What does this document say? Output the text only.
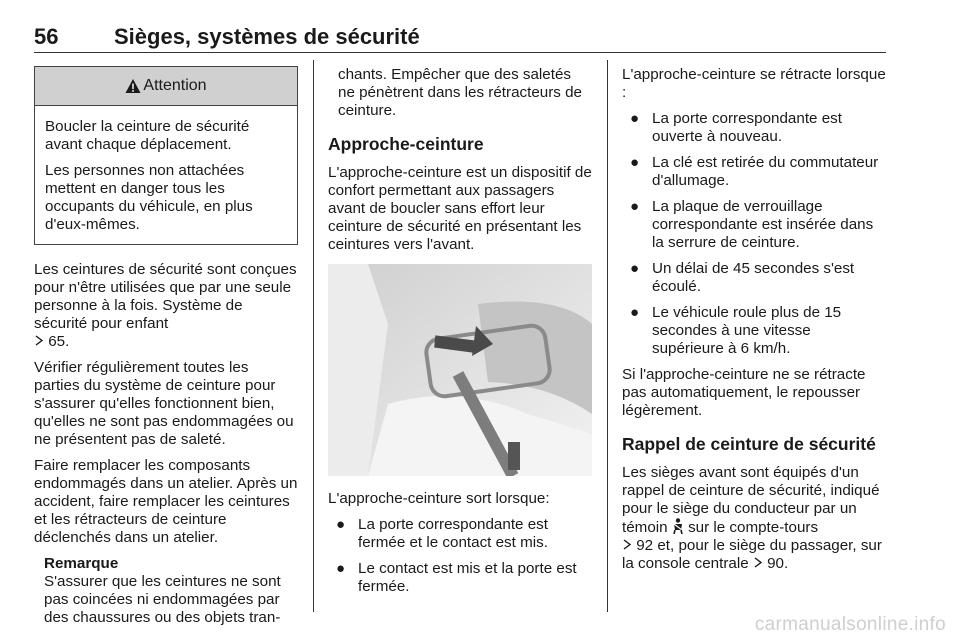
56	Sièges, systèmes de sécurité
Attention

Boucler la ceinture de sécurité avant chaque déplacement.

Les personnes non attachées mettent en danger tous les occupants du véhicule, en plus d'eux-mêmes.

Les ceintures de sécurité sont conçues pour n'être utilisées que par une seule personne à la fois. Système de sécurité pour enfant
65.

Vérifier régulièrement toutes les parties du système de ceinture pour s'assurer qu'elles fonctionnent bien, qu'elles ne sont pas endommagées ou ne présentent pas de saleté.

Faire remplacer les composants endommagés dans un atelier. Après un accident, faire remplacer les ceintures et les rétracteurs de ceinture déclenchés dans un atelier.

Remarque
S'assurer que les ceintures ne sont pas coincées ni endommagées par des chaussures ou des objets tran-

chants. Empêcher que des saletés ne pénètrent dans les rétracteurs de ceinture.

Approche-ceinture

L'approche-ceinture est un dispositif de confort permettant aux passagers avant de boucler sans effort leur ceinture de sécurité en présentant les ceintures vers l'avant.

L'approche-ceinture sort lorsque:

● La porte correspondante est fermée et le contact est mis.
● Le contact est mis et la porte est fermée.

L'approche-ceinture se rétracte lorsque :

● La porte correspondante est ouverte à nouveau.
● La clé est retirée du commutateur d'allumage.
● La plaque de verrouillage correspondante est insérée dans la serrure de ceinture.
● Un délai de 45 secondes s'est écoulé.
● Le véhicule roule plus de 15 secondes à une vitesse supérieure à 6 km/h.

Si l'approche-ceinture ne se rétracte pas automatiquement, le repousser légèrement.

Rappel de ceinture de sécurité

Les sièges avant sont équipés d'un rappel de ceinture de sécurité, indiqué pour le siège du conducteur par un témoin sur le compte-tours
92 et, pour le siège du passager, sur la console centrale 90.

carmanualsonline.info
